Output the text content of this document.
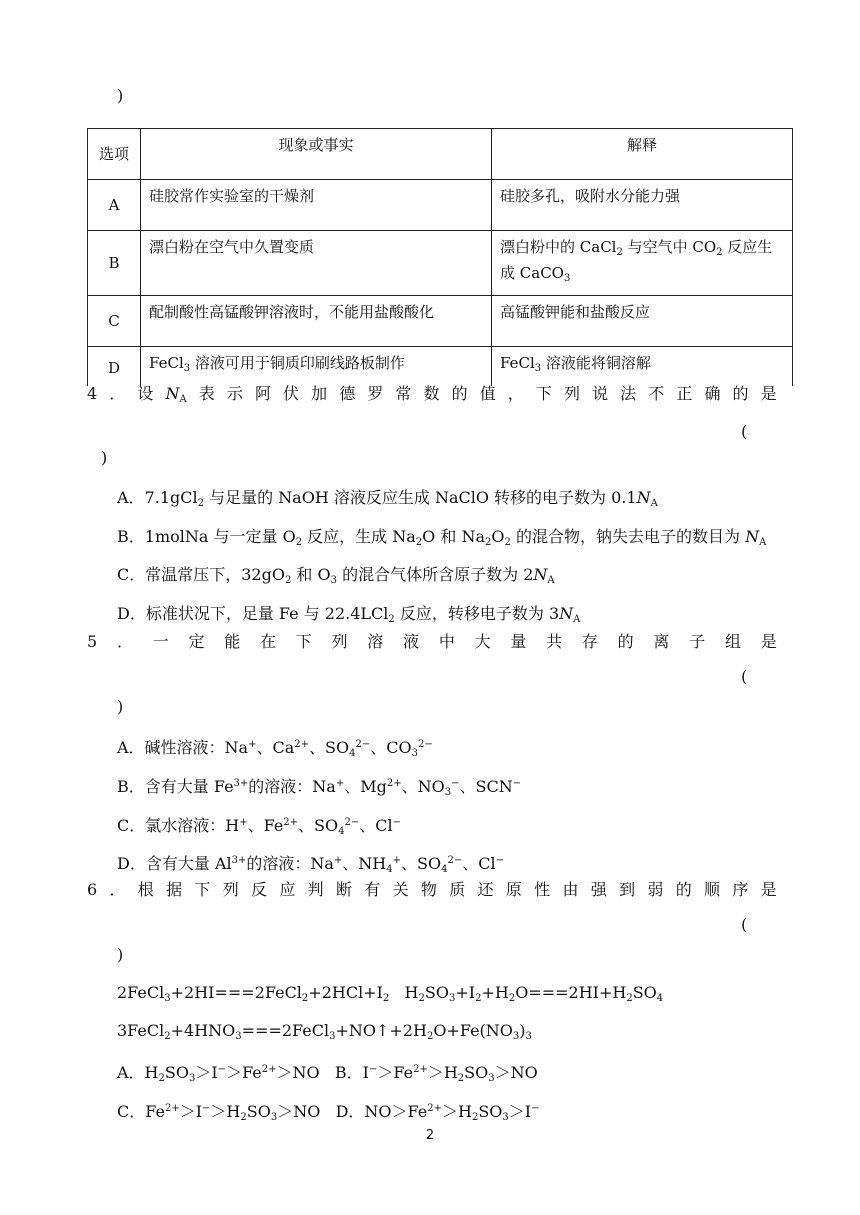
)
选项	现象或事实	解释
A	硅胶常作实验室的干燥剂	硅胶多孔，吸附水分能力强
B	漂白粉在空气中久置变质	漂白粉中的 CaCl$_2$ 与空气中 $CO_2$ 反应生成 CaCO$_3$
C	配制酸性高锰酸钾溶液时，不能用盐酸酸化	高锰酸钾能和盐酸反应
D	FeCl$_3$ 溶液可用于铜质印刷线路板制作	FeCl$_3$ 溶液能将铜溶解
4 ． 设 $N_A$ 表 示 阿 伏 加 德 罗 常 数 的 值 ， 下 列 说 法 不 正 确 的 是
(
)
A．7.1gCl$_2$ 与足量的 NaOH 溶液反应生成 NaClO 转移的电子数为 $0.1N_A$
B．1molNa 与一定量 $O_2$ 反应，生成 $Na_2O$ 和 $Na_2O_2$ 的混合物，钠失去电子的数目为 $N_A$
C．常温常压下，$32gO_2$ 和 $O_3$ 的混合气体所含原子数为 $2N_A$
D．标准状况下，足量 Fe 与 22.4LCl$_2$ 反应，转移电子数为 $3N_A$
5 ． 一 定 能 在 下 列 溶 液 中 大 量 共 存 的 离 子 组 是
(
)
A．碱性溶液：Na+、$Ca^{2+}$、$SO_4^{2-}$、$CO_3^{2-}$
B．含有大量 $Fe^{3+}$的溶液：Na+、$Mg^{2+}$、$NO_3^-$、SCN−
C．氯水溶液：H+、$Fe^{2+}$、$SO_4^{2-}$、Cl−
D．含有大量 $Al^{3+}$的溶液：Na+、$NH_4^+$、$SO_4^{2-}$、Cl−
6 ． 根 据 下 列 反 应 判 断 有 关 物 质 还 原 性 由 强 到 弱 的 顺 序 是
(
)
$2FeCl_3+2HI===2FeCl_2+2HCl+I_2$   $H_2SO_3+I_2+H_2O===2HI+H_2SO_4$
$3FeCl_2+4HNO_3===2FeCl_3+NO↑+2H_2O+Fe(NO_3)_3$
A．$H_2SO_3>I^->Fe^{2+}>NO$   B．$I^->Fe^{2+}>H_2SO_3>NO$
C．$Fe^{2+}>I^->H_2SO_3>NO$   D．$NO>Fe^{2+}>H_2SO_3>I^-$
2
